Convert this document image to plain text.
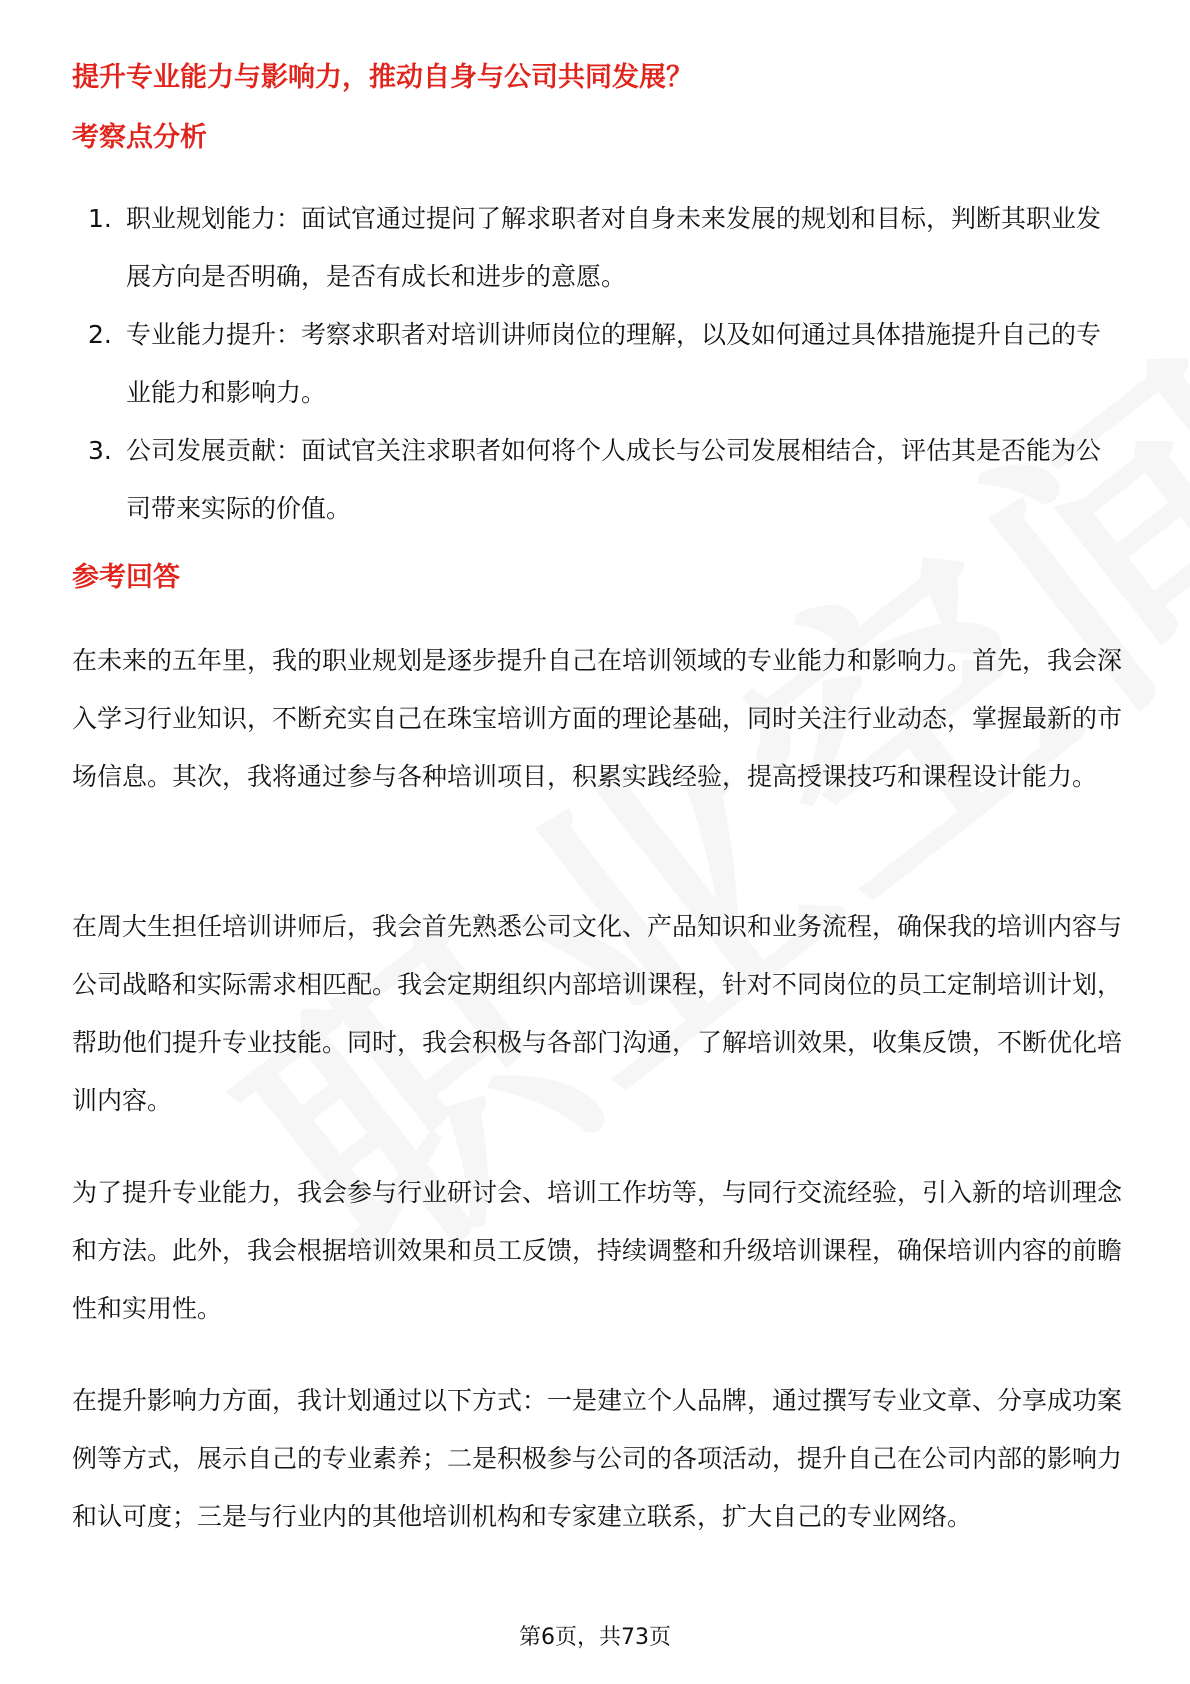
提升专业能力与影响力，推动自身与公司共同发展？
考察点分析
1. 职业规划能力：面试官通过提问了解求职者对自身未来发展的规划和目标，判断其职业发展方向是否明确，是否有成长和进步的意愿。
2. 专业能力提升：考察求职者对培训讲师岗位的理解，以及如何通过具体措施提升自己的专业能力和影响力。
3. 公司发展贡献：面试官关注求职者如何将个人成长与公司发展相结合，评估其是否能为公司带来实际的价值。
参考回答

在未来的五年里，我的职业规划是逐步提升自己在培训领域的专业能力和影响力。首先，我会深入学习行业知识，不断充实自己在珠宝培训方面的理论基础，同时关注行业动态，掌握最新的市场信息。其次，我将通过参与各种培训项目，积累实践经验，提高授课技巧和课程设计能力。

在周大生担任培训讲师后，我会首先熟悉公司文化、产品知识和业务流程，确保我的培训内容与公司战略和实际需求相匹配。我会定期组织内部培训课程，针对不同岗位的员工定制培训计划，帮助他们提升专业技能。同时，我会积极与各部门沟通，了解培训效果，收集反馈，不断优化培训内容。

为了提升专业能力，我会参与行业研讨会、培训工作坊等，与同行交流经验，引入新的培训理念和方法。此外，我会根据培训效果和员工反馈，持续调整和升级培训课程，确保培训内容的前瞻性和实用性。

在提升影响力方面，我计划通过以下方式：一是建立个人品牌，通过撰写专业文章、分享成功案例等方式，展示自己的专业素养；二是积极参与公司的各项活动，提升自己在公司内部的影响力和认可度；三是与行业内的其他培训机构和专家建立联系，扩大自己的专业网络。

第6页，共73页
